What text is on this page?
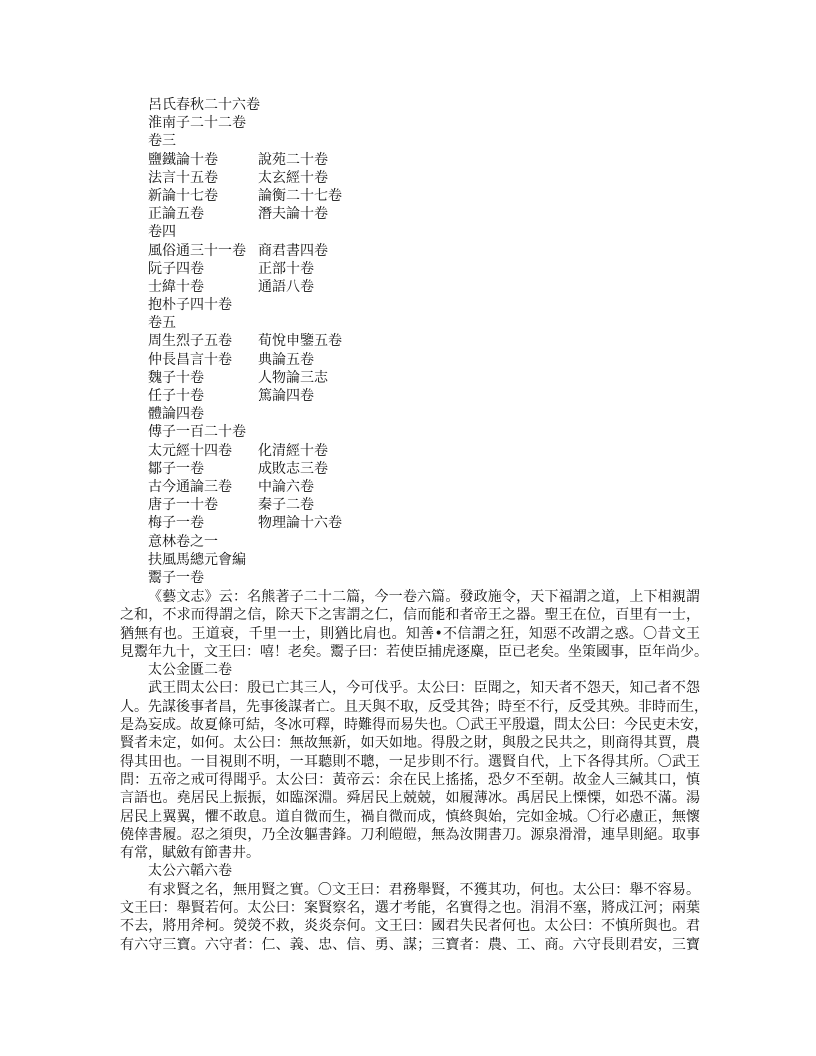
呂氏春秋二十六卷
淮南子二十二卷
卷三
鹽鐵論十卷	說苑二十卷
法言十五卷	太玄經十卷
新論十七卷	論衡二十七卷
正論五卷	潛夫論十卷
卷四
風俗通三十一卷 商君書四卷
阮子四卷	正部十卷
士緯十卷	通語八卷
抱朴子四十卷
卷五
周生烈子五卷 荀悅申鑒五卷
仲長昌言十卷 典論五卷
魏子十卷	人物論三志
任子十卷	篤論四卷
體論四卷
傅子一百二十卷
太元經十四卷 化清經十卷
鄒子一卷	成敗志三卷
古今通論三卷 中論六卷
唐子一十卷	秦子二卷
梅子一卷	物理論十六卷
意林卷之一
扶風馬總元會編
鬻子一卷
《藝文志》云：名熊著子二十二篇，今一卷六篇。發政施令，天下福謂之道，上下相親謂
之和，不求而得謂之信，除天下之害謂之仁，信而能和者帝王之器。聖王在位，百里有一士，
猶無有也。王道衰，千里一士，則猶比肩也。知善•不信謂之狂，知惡不改謂之惑。〇昔文王
見鬻年九十，文王曰：嘻！老矣。鬻子曰：若使臣捕虎逐麋，臣已老矣。坐策國事，臣年尚少。
太公金匱二卷
武王問太公曰：殷已亡其三人，今可伐乎。太公曰：臣聞之，知天者不怨天，知己者不怨
人。先謀後事者昌，先事後謀者亡。且天與不取，反受其咎；時至不行，反受其殃。非時而生，
是為妄成。故夏條可結，冬冰可釋，時難得而易失也。〇武王平殷還，問太公曰：今民吏未安，
賢者未定，如何。太公曰：無故無新，如天如地。得殷之財，與殷之民共之，則商得其賈，農
得其田也。一目視則不明，一耳聽則不聰，一足步則不行。選賢自代，上下各得其所。〇武王
問：五帝之戒可得聞乎。太公曰：黃帝云：余在民上搖搖，恐夕不至朝。故金人三緘其口，慎
言語也。堯居民上振振，如臨深淵。舜居民上兢兢，如履薄冰。禹居民上慄慄，如恐不滿。湯
居民上翼翼，懼不敢息。道自微而生，禍自微而成，慎終與始，完如金城。〇行必慮正，無懷
僥倖書履。忍之須臾，乃全汝軀書鋒。刀利皚皚，無為汝開書刀。源泉滑滑，連旱則絕。取事
有常，賦斂有節書井。
太公六韜六卷
有求賢之名，無用賢之實。〇文王曰：君務舉賢，不獲其功，何也。太公曰：舉不容易。
文王曰：舉賢若何。太公曰：案賢察名，選才考能，名實得之也。涓涓不塞，將成江河；兩葉
不去，將用斧柯。熒熒不救，炎炎奈何。文王曰：國君失民者何也。太公曰：不慎所與也。君
有六守三寶。六守者：仁、義、忠、信、勇、謀；三寶者：農、工、商。六守長則君安，三寶
